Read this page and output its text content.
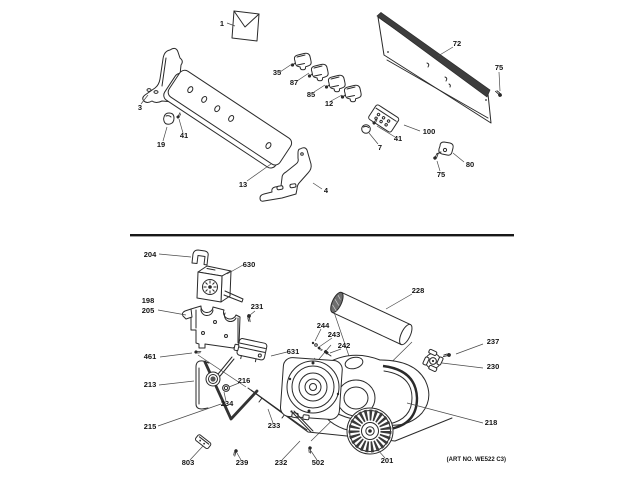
1
3
13
4
19
41
35
87
85
12
72
75
7
41
100
80
75
204
630
198
205	231
461
631
228
244
243
242	237
230
213	216
234
215	233	218
803	239	232	502	201	(ART NO. WE522 C3)
